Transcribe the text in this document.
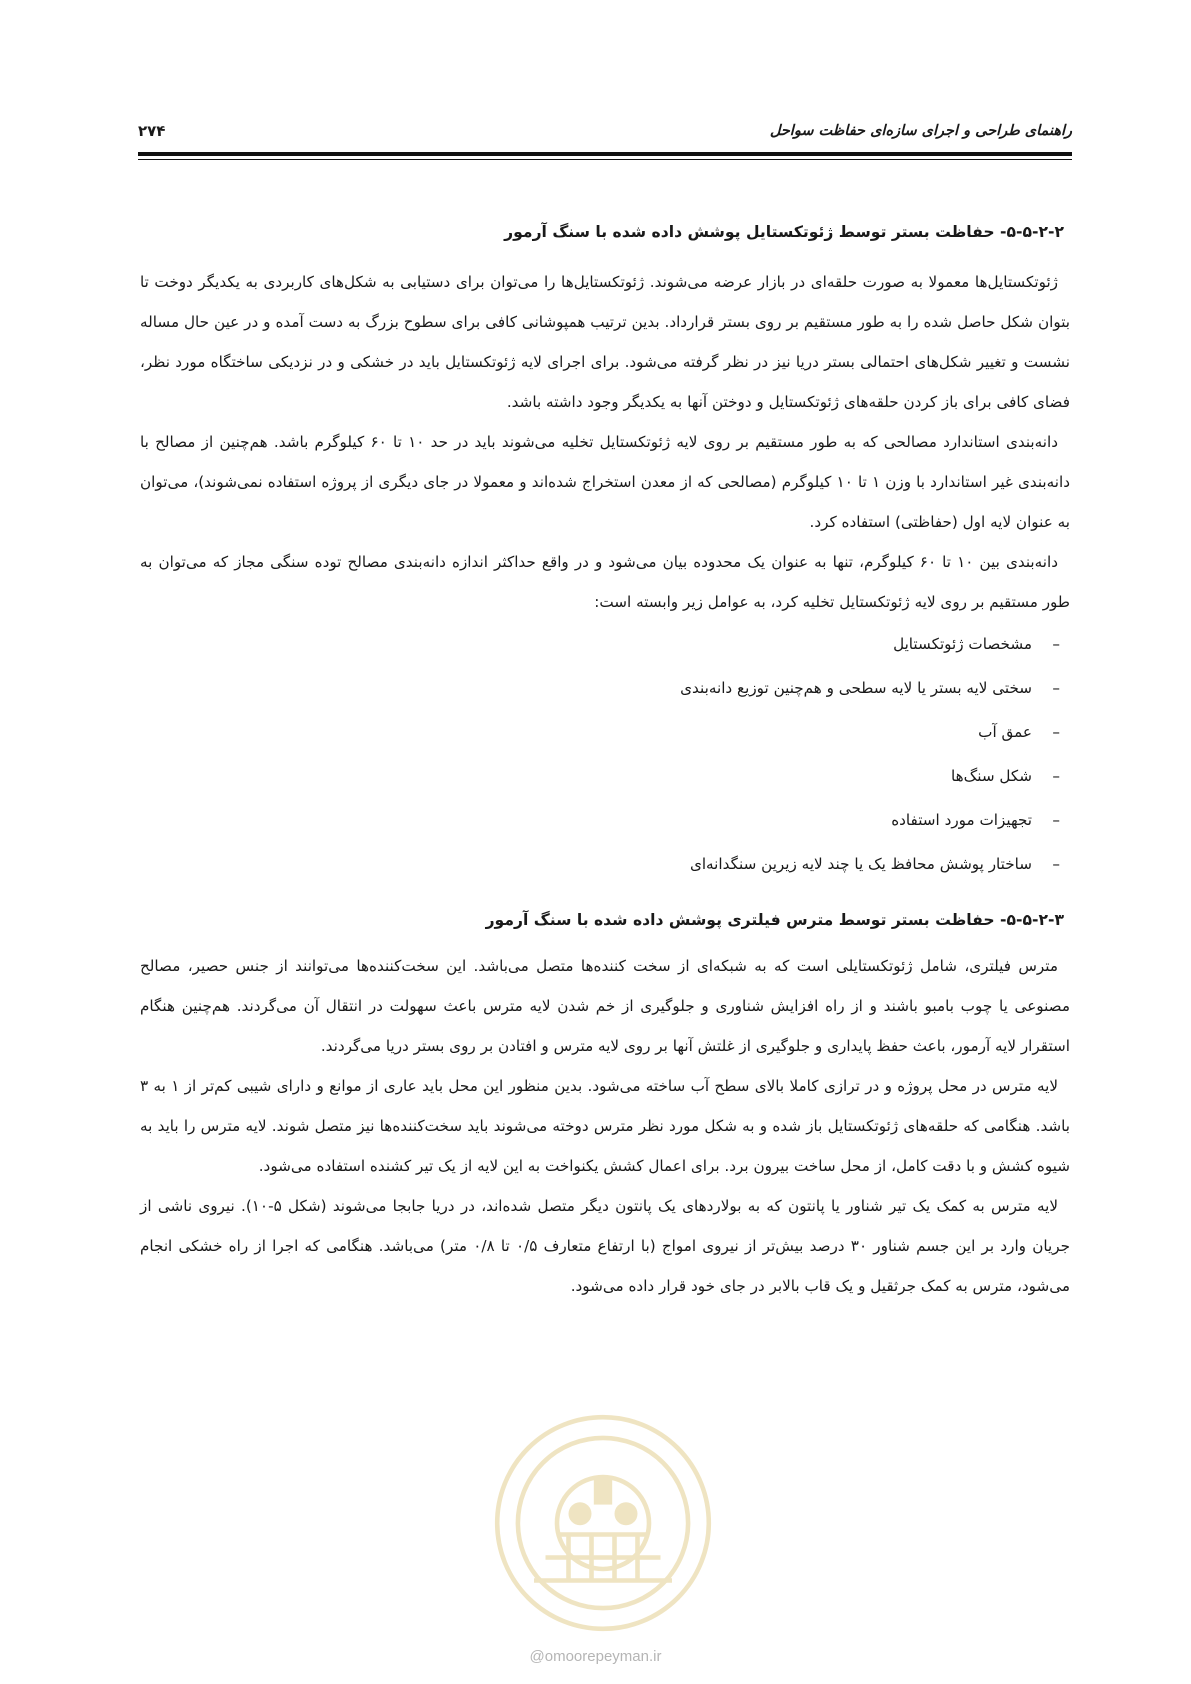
راهنمای طراحی و اجرای سازه‌ای حفاظت سواحل
۲۷۴
۵-۵-۲-۲- حفاظت بستر توسط ژئوتکستایل پوشش داده شده با سنگ آرمور

ژئوتکستایل‌ها معمولا به صورت حلقه‌ای در بازار عرضه می‌شوند. ژئوتکستایل‌ها را می‌توان برای دستیابی به شکل‌های کاربردی به یکدیگر دوخت تا بتوان شکل حاصل شده را به طور مستقیم بر روی بستر قرارداد. بدین ترتیب همپوشانی کافی برای سطوح بزرگ به دست آمده و در عین حال مساله نشست و تغییر شکل‌های احتمالی بستر دریا نیز در نظر گرفته می‌شود. برای اجرای لایه ژئوتکستایل باید در خشکی و در نزدیکی ساختگاه مورد نظر، فضای کافی برای باز کردن حلقه‌های ژئوتکستایل و دوختن آنها به یکدیگر وجود داشته باشد.

دانه‌بندی استاندارد مصالحی که به طور مستقیم بر روی لایه ژئوتکستایل تخلیه می‌شوند باید در حد ۱۰ تا ۶۰ کیلوگرم باشد. هم‌چنین از مصالح با دانه‌بندی غیر استاندارد با وزن ۱ تا ۱۰ کیلوگرم (مصالحی که از معدن استخراج شده‌اند و معمولا در جای دیگری از پروژه استفاده نمی‌شوند)، می‌توان به عنوان لایه اول (حفاظتی) استفاده کرد.

دانه‌بندی بین ۱۰ تا ۶۰ کیلوگرم، تنها به عنوان یک محدوده بیان می‌شود و در واقع حداکثر اندازه دانه‌بندی مصالح توده سنگی مجاز که می‌توان به طور مستقیم بر روی لایه ژئوتکستایل تخلیه کرد، به عوامل زیر وابسته است:

–مشخصات ژئوتکستایل
–سختی لایه بستر یا لایه سطحی و هم‌چنین توزیع دانه‌بندی
–عمق آب
–شکل سنگ‌ها
–تجهیزات مورد استفاده
–ساختار پوشش محافظ یک یا چند لایه زیرین سنگدانه‌ای
۵-۵-۲-۳- حفاظت بستر توسط مترس فیلتری پوشش داده شده با سنگ آرمور

مترس فیلتری، شامل ژئوتکستایلی است که به شبکه‌ای از سخت کننده‌ها متصل می‌باشد. این سخت‌کننده‌ها می‌توانند از جنس حصیر، مصالح مصنوعی یا چوب بامبو باشند و از راه افزایش شناوری و جلوگیری از خم شدن لایه مترس باعث سهولت در انتقال آن می‌گردند. هم‌چنین هنگام استقرار لایه آرمور، باعث حفظ پایداری و جلوگیری از غلتش آنها بر روی لایه مترس و افتادن بر روی بستر دریا می‌گردند.

لایه مترس در محل پروژه و در ترازی کاملا بالای سطح آب ساخته می‌شود. بدین منظور این محل باید عاری از موانع و دارای شیبی کم‌تر از ۱ به ۳ باشد. هنگامی که حلقه‌های ژئوتکستایل باز شده و به شکل مورد نظر مترس دوخته می‌شوند باید سخت‌کننده‌ها نیز متصل شوند. لایه مترس را باید به شیوه کشش و با دقت کامل، از محل ساخت بیرون برد. برای اعمال کشش یکنواخت به این لایه از یک تیر کشنده استفاده می‌شود.

لایه مترس به کمک یک تیر شناور یا پانتون که به بولاردهای یک پانتون دیگر متصل شده‌اند، در دریا جابجا می‌شوند (شکل ۵-۱۰). نیروی ناشی از جریان وارد بر این جسم شناور ۳۰ درصد بیش‌تر از نیروی امواج (با ارتفاع متعارف ۰/۵ تا ۰/۸ متر) می‌باشد. هنگامی که اجرا از راه خشکی انجام می‌شود، مترس به کمک جرثقیل و یک قاب بالابر در جای خود قرار داده می‌شود.

@omoorepeyman.ir
